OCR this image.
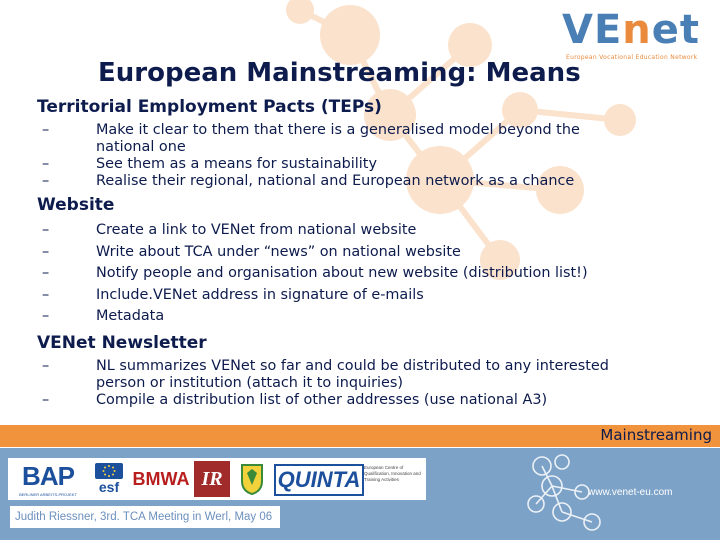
VEnet
European Vocational Education Network
European Mainstreaming: Means

Territorial Employment Pacts (TEPs)

–	Make it clear to them that there is a generalised model beyond the
national one
–	See them as a means for sustainability
–	Realise their regional, national and European network as a chance

Website

–	Create a link to VENet from national website
–	Write about TCA under “news” on national website
–	Notify people and organisation about new website (distribution list!)
–	Include.VENet address in signature of e-mails
–	Metadata

VENet Newsletter

–	NL summarizes VENet so far and could be distributed to any interested
person or institution (attach it to inquiries)
–	Compile a distribution list of other addresses (use national A3)
Mainstreaming
BAP
BERLINER ARBEITS-PROJEKT esf BMWA IR	QUINTA European Centre of Qualification, Innovation and Training Activities
Judith Riessner, 3rd. TCA Meeting in Werl, May 06
www.venet-eu.com
